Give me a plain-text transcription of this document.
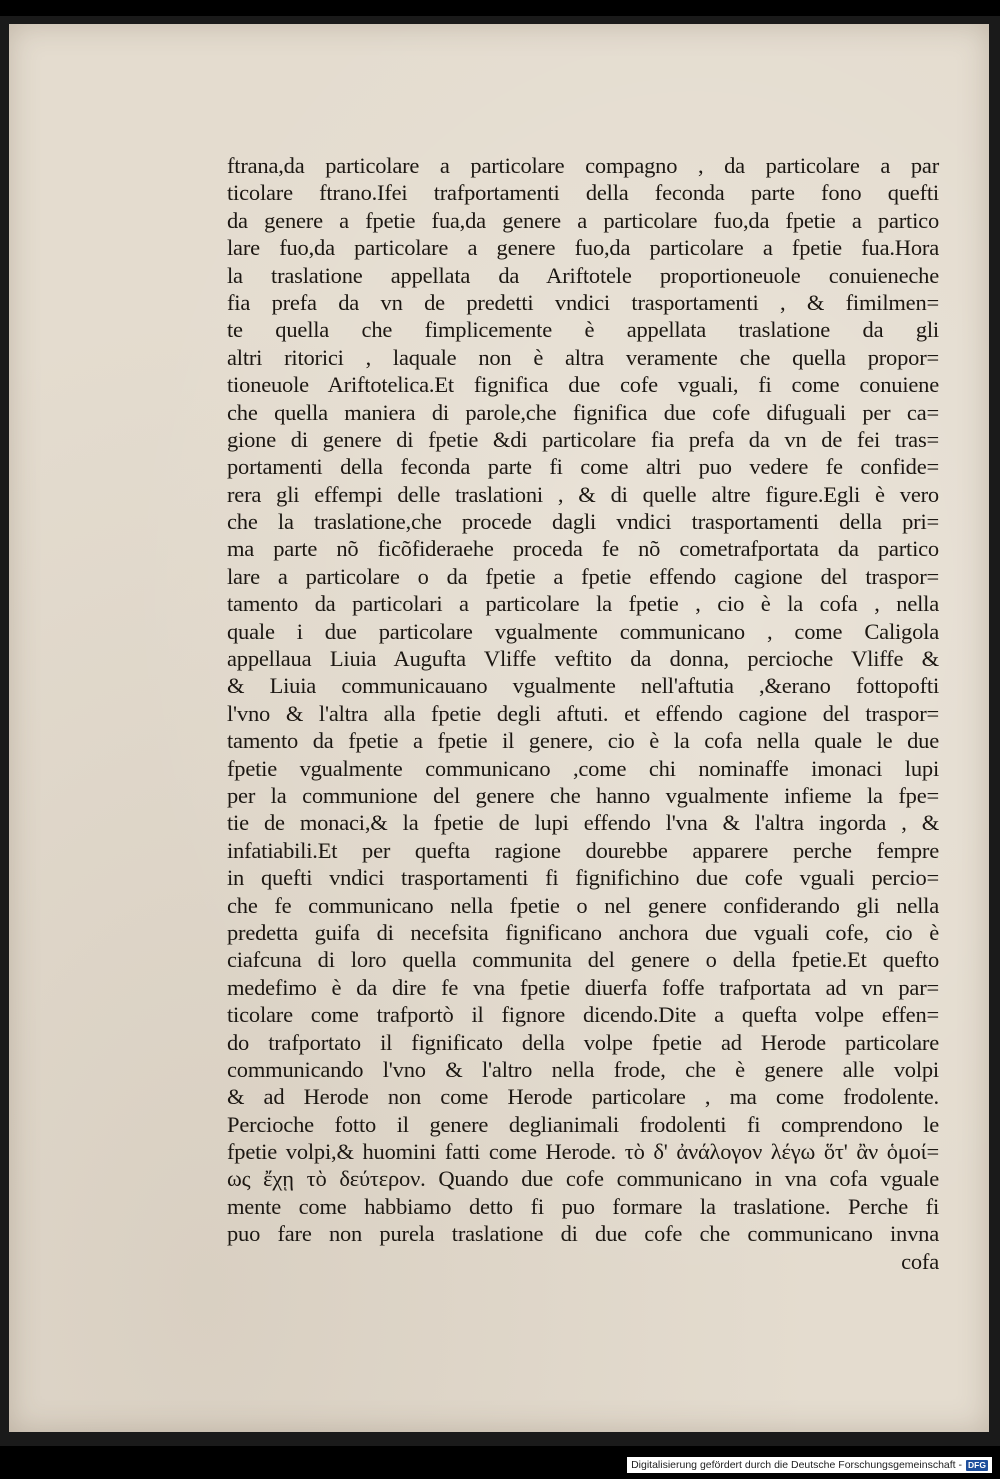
ftrana,da particolare a particolare compagno , da particolare a par
ticolare ftrano.Ifei trafportamenti della feconda parte fono quefti
da genere a fpetie fua,da genere a particolare fuo,da fpetie a partico
lare fuo,da particolare a genere fuo,da particolare a fpetie fua.Hora
la traslatione appellata da Ariftotele proportioneuole conuieneche
fia prefa da vn de predetti vndici trasportamenti , & fimilmen=
te quella che fimplicemente è appellata traslatione da gli
altri ritorici , laquale non è altra veramente che quella propor=
tioneuole Ariftotelica.Et fignifica due cofe vguali, fi come conuiene
che quella maniera di parole,che fignifica due cofe difuguali per ca=
gione di genere di fpetie &di particolare fia prefa da vn de fei tras=
portamenti della feconda parte fi come altri puo vedere fe confide=
rera gli effempi delle traslationi , & di quelle altre figure.Egli è vero
che la traslatione,che procede dagli vndici trasportamenti della pri=
ma parte nõ ficõfideraehe proceda fe nõ cometrafportata da partico
lare a particolare o da fpetie a fpetie effendo cagione del traspor=
tamento da particolari a particolare la fpetie , cio è la cofa , nella
quale i due particolare vgualmente communicano , come Caligola
appellaua Liuia Augufta Vliffe veftito da donna, percioche Vliffe &
& Liuia communicauano vgualmente nell'aftutia ,&erano fottopofti
l'vno & l'altra alla fpetie degli aftuti. et effendo cagione del traspor=
tamento da fpetie a fpetie il genere, cio è la cofa nella quale le due
fpetie vgualmente communicano ,come chi nominaffe imonaci lupi
per la communione del genere che hanno vgualmente infieme la fpe=
tie de monaci,& la fpetie de lupi effendo l'vna & l'altra ingorda , &
infatiabili.Et per quefta ragione dourebbe apparere perche fempre
in quefti vndici trasportamenti fi fignifichino due cofe vguali percio=
che fe communicano nella fpetie o nel genere confiderando gli nella
predetta guifa di necefsita fignificano anchora due vguali cofe, cio è
ciafcuna di loro quella communita del genere o della fpetie.Et quefto
medefimo è da dire fe vna fpetie diuerfa foffe trafportata ad vn par=
ticolare come trafportò il fignore dicendo.Dite a quefta volpe effen=
do trafportato il fignificato della volpe fpetie ad Herode particolare
communicando l'vno & l'altro nella frode, che è genere alle volpi
& ad Herode non come Herode particolare , ma come frodolente.
Percioche fotto il genere deglianimali frodolenti fi comprendono le
fpetie volpi,& huomini fatti come Herode. τὸ δ' ἀνάλογον λέγω ὅτ' ἂν ὁμοί=
ως ἔχῃ τὸ δεύτερον. Quando due cofe communicano in vna cofa vguale
mente come habbiamo detto fi puo formare la traslatione. Perche fi
puo fare non purela traslatione di due cofe che communicano invna
cofa
Digitalisierung gefördert durch die Deutsche Forschungsgemeinschaft - DFG
